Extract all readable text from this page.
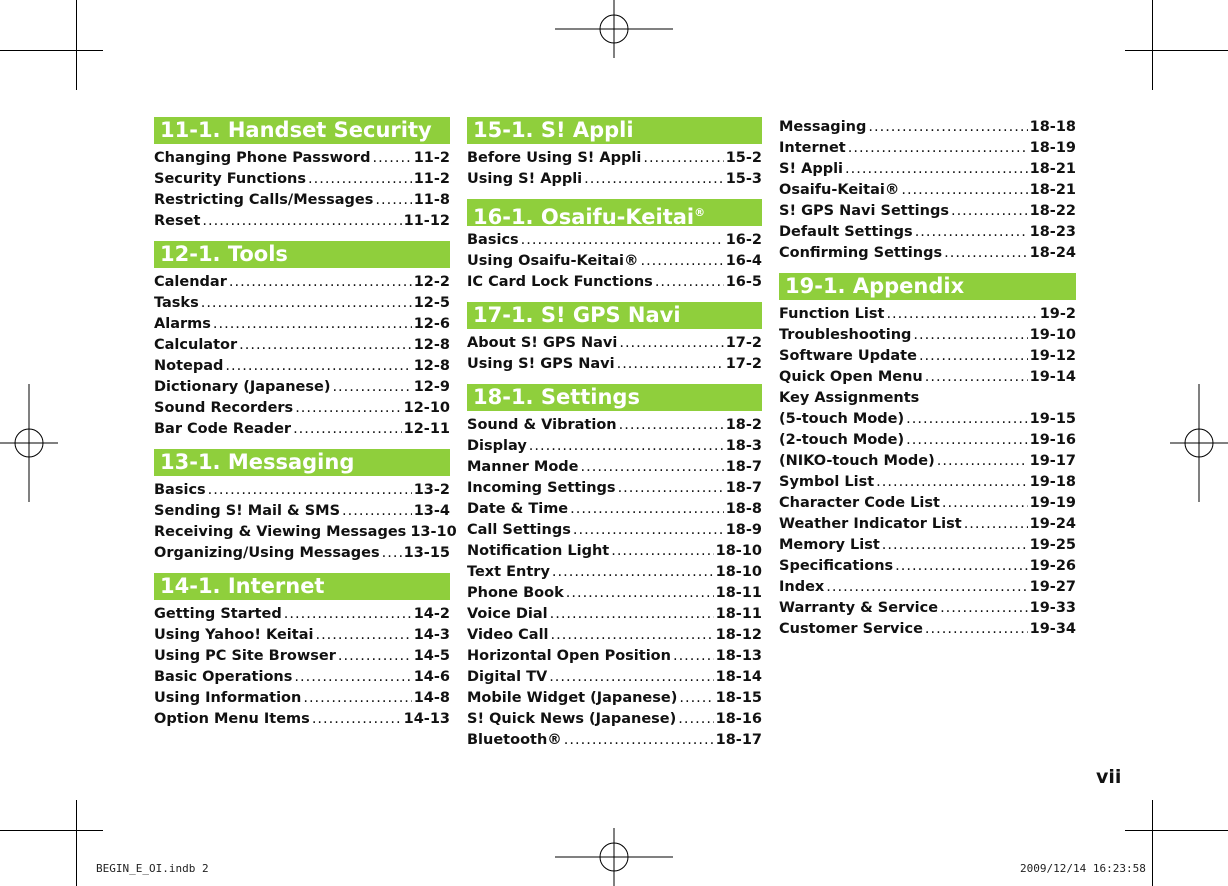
11-1. Handset Security
Changing Phone Password .....	11-2
Security Functions .....	11-2
Restricting Calls/Messages .....	11-8
Reset .....	11-12
12-1. Tools
Calendar .....	12-2
Tasks .....	12-5
Alarms .....	12-6
Calculator .....	12-8
Notepad .....	12-8
Dictionary (Japanese) .....	12-9
Sound Recorders .....	12-10
Bar Code Reader .....	12-11
13-1. Messaging
Basics .....	13-2
Sending S! Mail & SMS .....	13-4
Receiving & Viewing Messages 13-10
Organizing/Using Messages ..... 13-15
14-1. Internet
Getting Started .....	14-2
Using Yahoo! Keitai .....	14-3
Using PC Site Browser .....	14-5
Basic Operations .....	14-6
Using Information .....	14-8
Option Menu Items .....	14-13
15-1. S! Appli
Before Using S! Appli .....	15-2
Using S! Appli .....	15-3
16-1. Osaifu-Keitai®
Basics .....	16-2
Using Osaifu-Keitai® .....	16-4
IC Card Lock Functions .....	16-5
17-1. S! GPS Navi
About S! GPS Navi .....	17-2
Using S! GPS Navi .....	17-2
18-1. Settings
Sound & Vibration .....	18-2
Display .....	18-3
Manner Mode .....	18-7
Incoming Settings .....	18-7
Date & Time .....	18-8
Call Settings .....	18-9
Notification Light .....	18-10
Text Entry .....	18-10
Phone Book .....	18-11
Voice Dial .....	18-11
Video Call .....	18-12
Horizontal Open Position .....	18-13
Digital TV .....	18-14
Mobile Widget (Japanese) .....	18-15
S! Quick News (Japanese) .....	18-16
Bluetooth® .....	18-17
Messaging .....	18-18
Internet .....	18-19
S! Appli .....	18-21
Osaifu-Keitai® .....	18-21
S! GPS Navi Settings .....	18-22
Default Settings .....	18-23
Confirming Settings .....	18-24
19-1. Appendix
Function List .....	19-2
Troubleshooting .....	19-10
Software Update .....	19-12
Quick Open Menu .....	19-14
Key Assignments
(5-touch Mode) .....	19-15
(2-touch Mode) .....	19-16
(NIKO-touch Mode) .....	19-17
Symbol List .....	19-18
Character Code List .....	19-19
Weather Indicator List .....	19-24
Memory List .....	19-25
Specifications .....	19-26
Index .....	19-27
Warranty & Service .....	19-33
Customer Service .....	19-34
vii
BEGIN_E_OI.indb 2	2009/12/14 16:23:58
